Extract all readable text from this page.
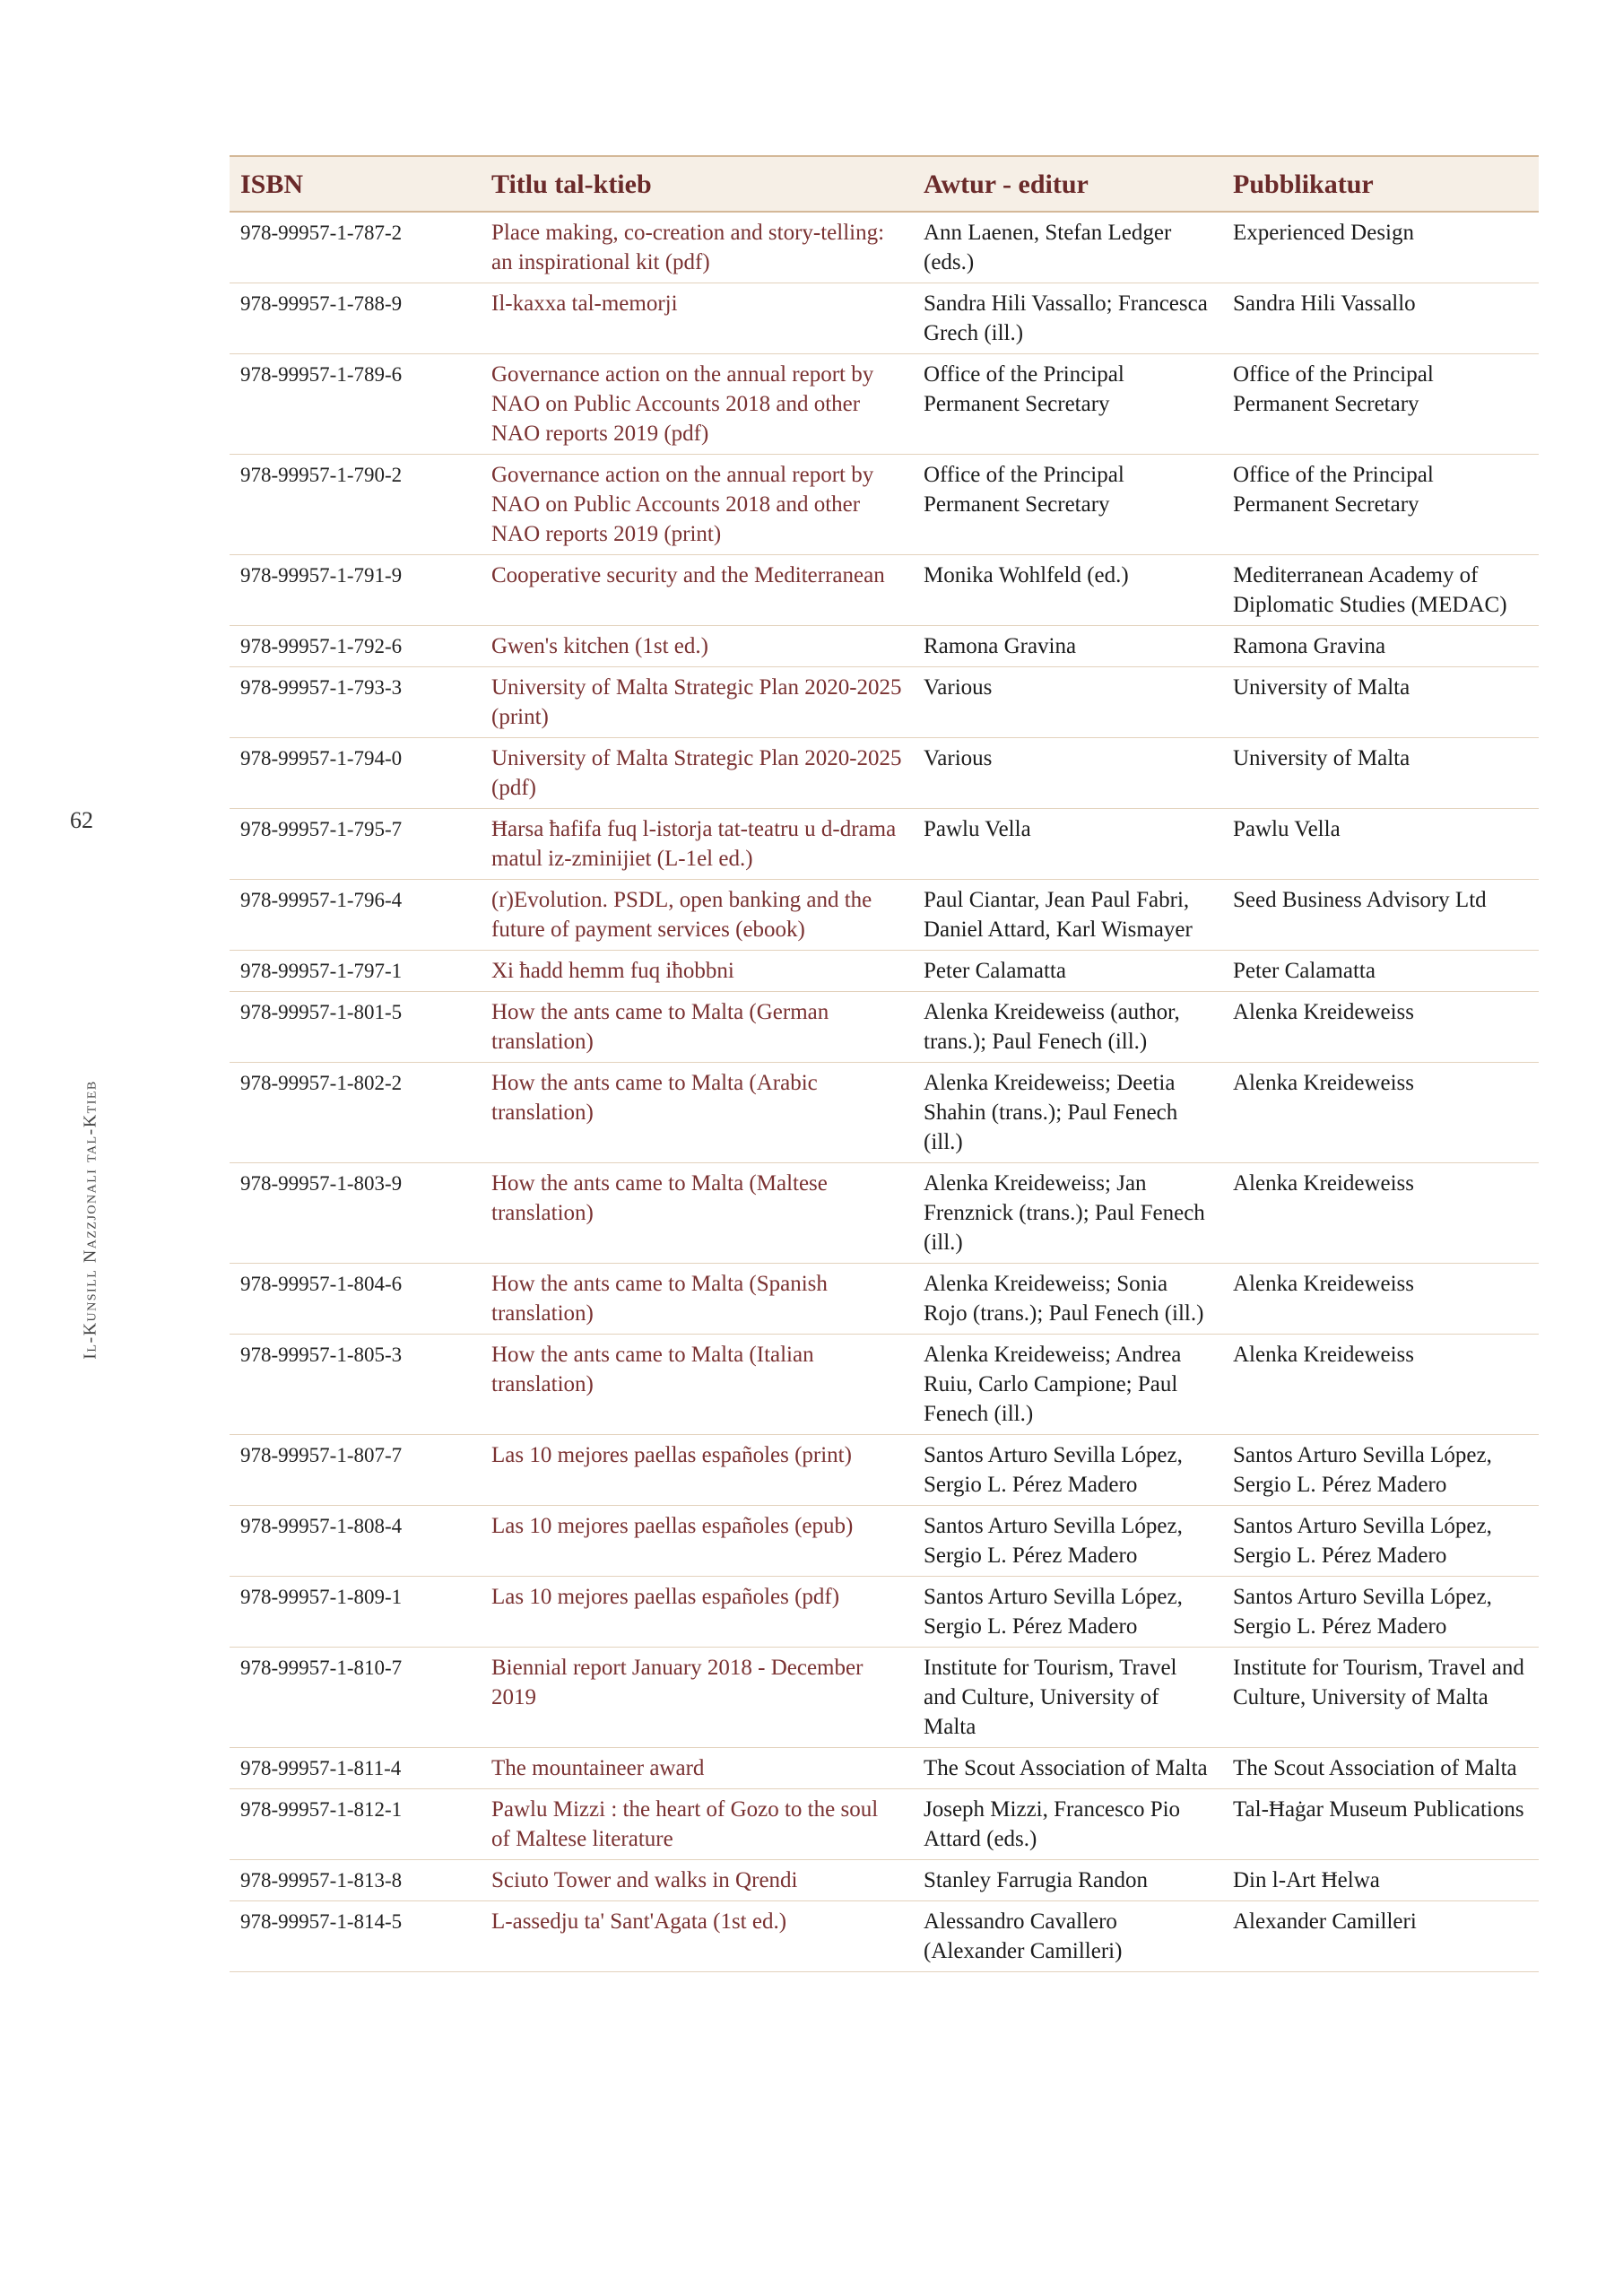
62
Il-Kunsill Nazzjonali tal-Ktieb
ISBN	Titlu tal-ktieb	Awtur - editur	Pubblikatur
978-99957-1-787-2	Place making, co-creation and story-telling: an inspirational kit (pdf)	Ann Laenen, Stefan Ledger (eds.)	Experienced Design
978-99957-1-788-9	Il-kaxxa tal-memorji	Sandra Hili Vassallo; Francesca Grech (ill.)	Sandra Hili Vassallo
978-99957-1-789-6	Governance action on the annual report by NAO on Public Accounts 2018 and other NAO reports 2019 (pdf)	Office of the Principal Permanent Secretary	Office of the Principal Permanent Secretary
978-99957-1-790-2	Governance action on the annual report by NAO on Public Accounts 2018 and other NAO reports 2019 (print)	Office of the Principal Permanent Secretary	Office of the Principal Permanent Secretary
978-99957-1-791-9	Cooperative security and the Mediterranean	Monika Wohlfeld (ed.)	Mediterranean Academy of Diplomatic Studies (MEDAC)
978-99957-1-792-6	Gwen's kitchen (1st ed.)	Ramona Gravina	Ramona Gravina
978-99957-1-793-3	University of Malta Strategic Plan 2020-2025 (print)	Various	University of Malta
978-99957-1-794-0	University of Malta Strategic Plan 2020-2025 (pdf)	Various	University of Malta
978-99957-1-795-7	Ħarsa ħafifa fuq l-istorja tat-teatru u d-drama matul iz-zminijiet (L-1el ed.)	Pawlu Vella	Pawlu Vella
978-99957-1-796-4	(r)Evolution. PSDL, open banking and the future of payment services (ebook)	Paul Ciantar, Jean Paul Fabri, Daniel Attard, Karl Wismayer	Seed Business Advisory Ltd
978-99957-1-797-1	Xi ħadd hemm fuq iħobbni	Peter Calamatta	Peter Calamatta
978-99957-1-801-5	How the ants came to Malta (German translation)	Alenka Kreideweiss (author, trans.); Paul Fenech (ill.)	Alenka Kreideweiss
978-99957-1-802-2	How the ants came to Malta (Arabic translation)	Alenka Kreideweiss; Deetia Shahin (trans.); Paul Fenech (ill.)	Alenka Kreideweiss
978-99957-1-803-9	How the ants came to Malta (Maltese translation)	Alenka Kreideweiss; Jan Frenznick (trans.); Paul Fenech (ill.)	Alenka Kreideweiss
978-99957-1-804-6	How the ants came to Malta (Spanish translation)	Alenka Kreideweiss; Sonia Rojo (trans.); Paul Fenech (ill.)	Alenka Kreideweiss
978-99957-1-805-3	How the ants came to Malta (Italian translation)	Alenka Kreideweiss; Andrea Ruiu, Carlo Campione; Paul Fenech (ill.)	Alenka Kreideweiss
978-99957-1-807-7	Las 10 mejores paellas españoles (print)	Santos Arturo Sevilla López, Sergio L. Pérez Madero	Santos Arturo Sevilla López, Sergio L. Pérez Madero
978-99957-1-808-4	Las 10 mejores paellas españoles (epub)	Santos Arturo Sevilla López, Sergio L. Pérez Madero	Santos Arturo Sevilla López, Sergio L. Pérez Madero
978-99957-1-809-1	Las 10 mejores paellas españoles (pdf)	Santos Arturo Sevilla López, Sergio L. Pérez Madero	Santos Arturo Sevilla López, Sergio L. Pérez Madero
978-99957-1-810-7	Biennial report January 2018 - December 2019	Institute for Tourism, Travel and Culture, University of Malta	Institute for Tourism, Travel and Culture, University of Malta
978-99957-1-811-4	The mountaineer award	The Scout Association of Malta	The Scout Association of Malta
978-99957-1-812-1	Pawlu Mizzi : the heart of Gozo to the soul of Maltese literature	Joseph Mizzi, Francesco Pio Attard (eds.)	Tal-Ħaġar Museum Publications
978-99957-1-813-8	Sciuto Tower and walks in Qrendi	Stanley Farrugia Randon	Din l-Art Ħelwa
978-99957-1-814-5	L-assedju ta' Sant'Agata (1st ed.)	Alessandro Cavallero (Alexander Camilleri)	Alexander Camilleri
